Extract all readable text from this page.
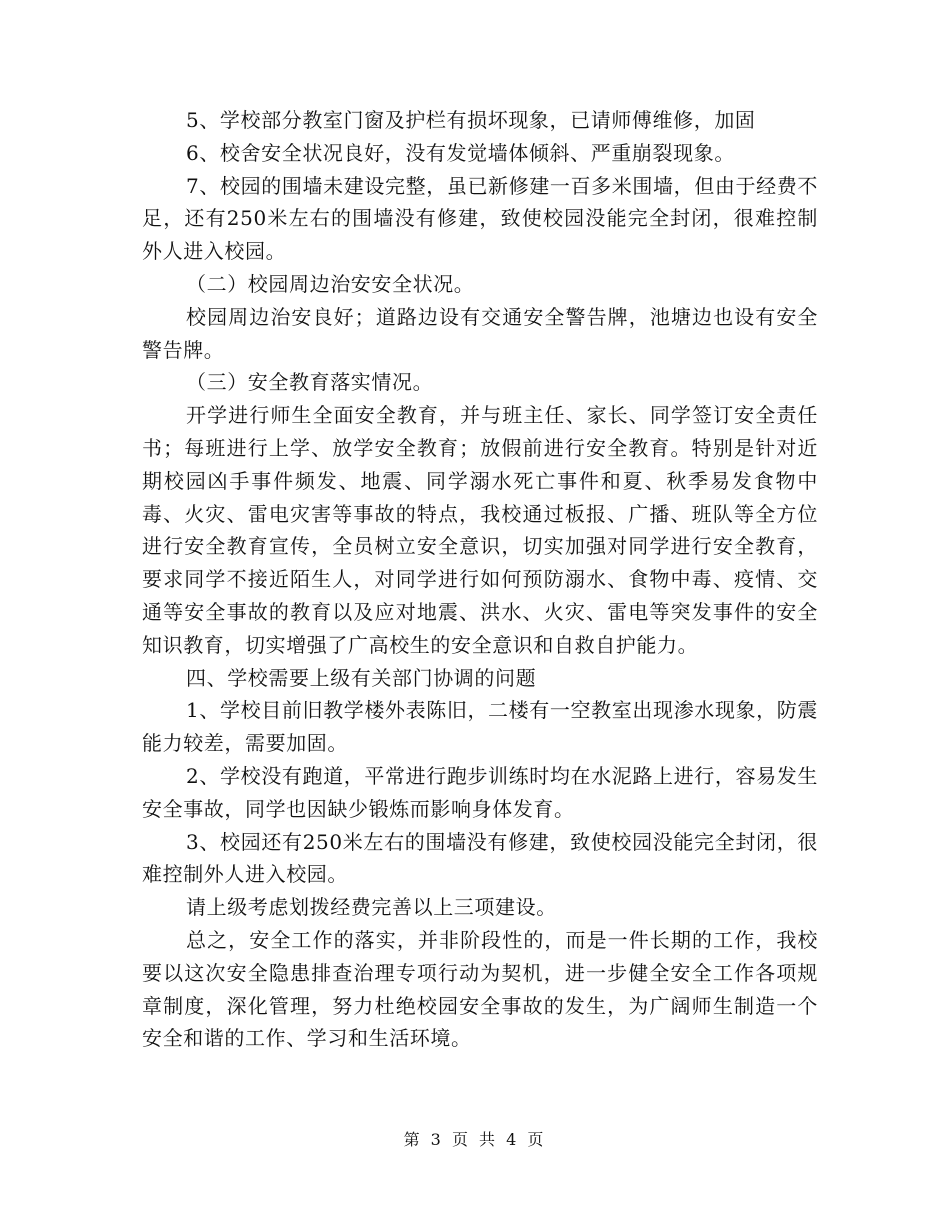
5、学校部分教室门窗及护栏有损坏现象，已请师傅维修，加固

6、校舍安全状况良好，没有发觉墙体倾斜、严重崩裂现象。

7、校园的围墙未建设完整，虽已新修建一百多米围墙，但由于经费不足，还有250米左右的围墙没有修建，致使校园没能完全封闭，很难控制外人进入校园。

（二）校园周边治安安全状况。

校园周边治安良好；道路边设有交通安全警告牌，池塘边也设有安全警告牌。

（三）安全教育落实情况。

开学进行师生全面安全教育，并与班主任、家长、同学签订安全责任书；每班进行上学、放学安全教育；放假前进行安全教育。特别是针对近期校园凶手事件频发、地震、同学溺水死亡事件和夏、秋季易发食物中毒、火灾、雷电灾害等事故的特点，我校通过板报、广播、班队等全方位进行安全教育宣传，全员树立安全意识，切实加强对同学进行安全教育，要求同学不接近陌生人，对同学进行如何预防溺水、食物中毒、疫情、交通等安全事故的教育以及应对地震、洪水、火灾、雷电等突发事件的安全知识教育，切实增强了广高校生的安全意识和自救自护能力。

四、学校需要上级有关部门协调的问题

1、学校目前旧教学楼外表陈旧，二楼有一空教室出现渗水现象，防震能力较差，需要加固。

2、学校没有跑道，平常进行跑步训练时均在水泥路上进行，容易发生安全事故，同学也因缺少锻炼而影响身体发育。

3、校园还有250米左右的围墙没有修建，致使校园没能完全封闭，很难控制外人进入校园。

请上级考虑划拨经费完善以上三项建设。

总之，安全工作的落实，并非阶段性的，而是一件长期的工作，我校要以这次安全隐患排查治理专项行动为契机，进一步健全安全工作各项规章制度，深化管理，努力杜绝校园安全事故的发生，为广阔师生制造一个安全和谐的工作、学习和生活环境。

第 3 页 共 4 页
